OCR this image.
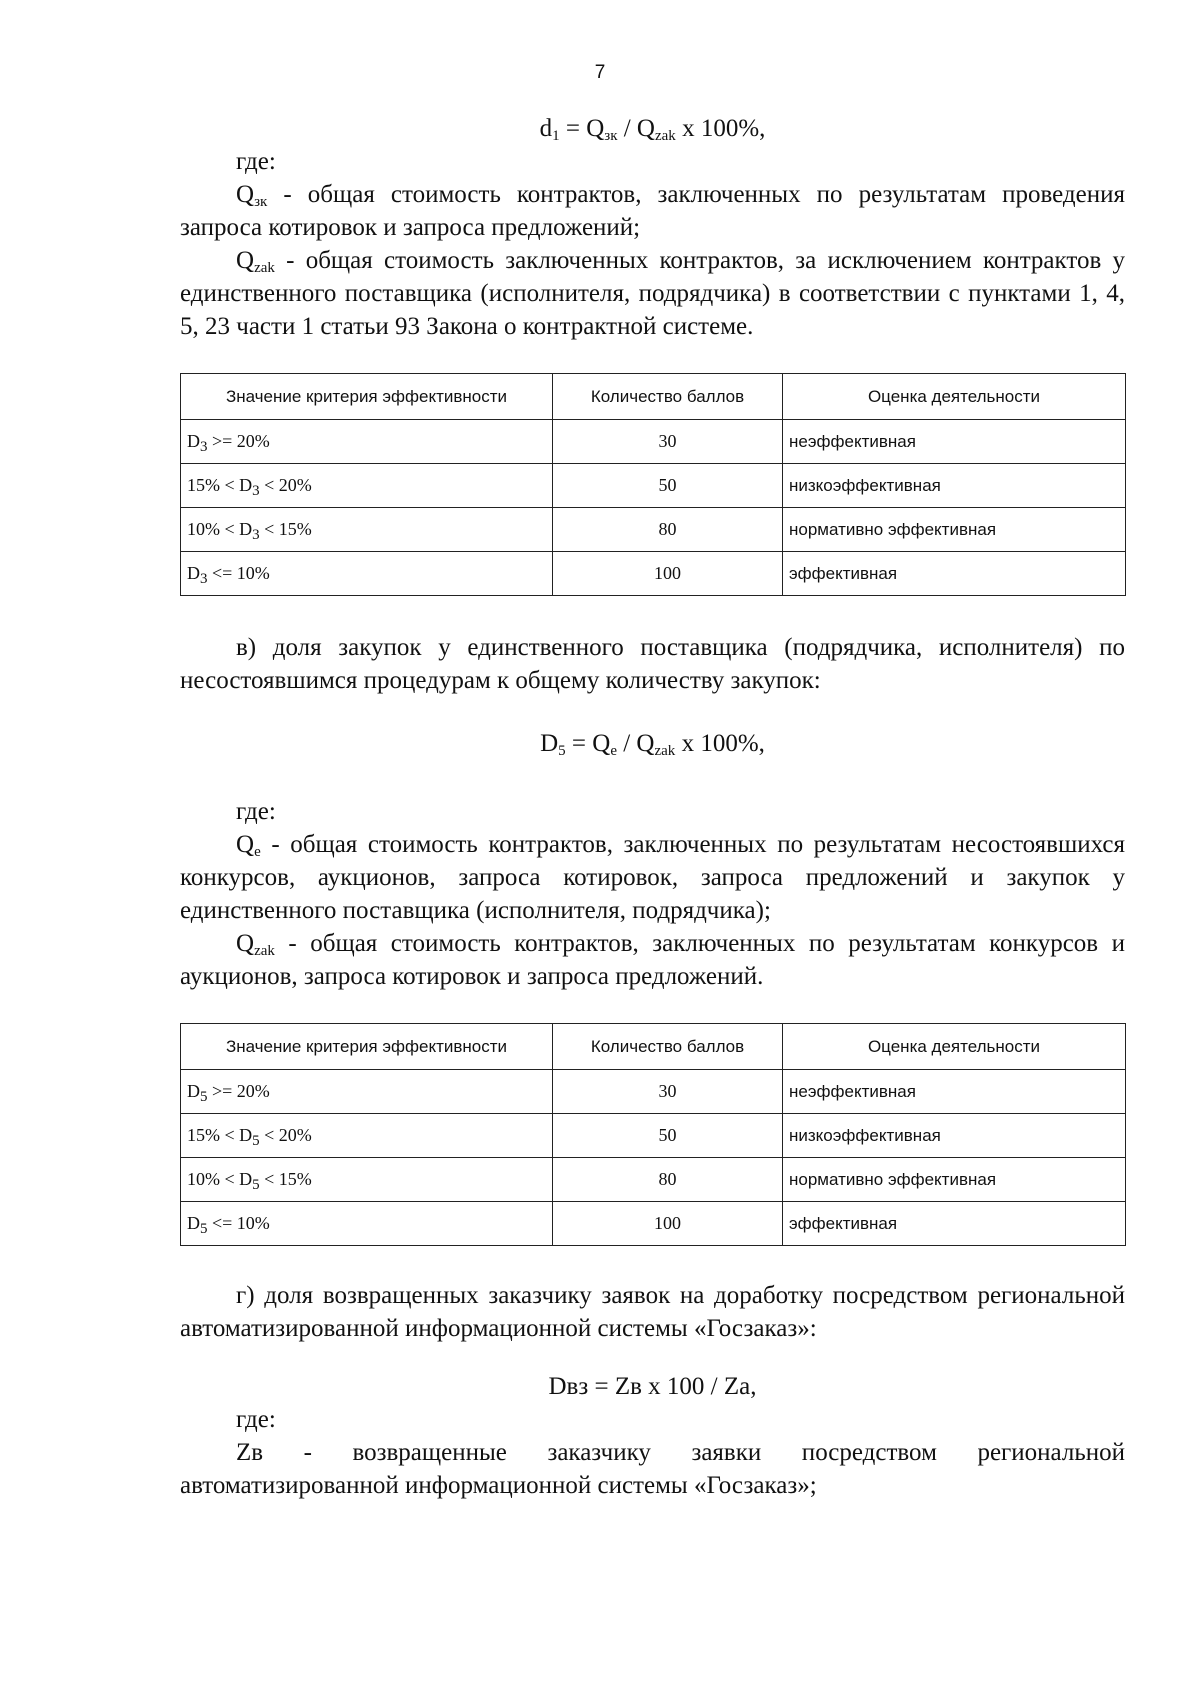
7

$d_1 = Q_{зк} / Q_{zak}$ x 100%,

где:

$Q_{зк}$ - общая стоимость контрактов, заключенных по результатам проведения запроса котировок и запроса предложений;

$Q_{zak}$ - общая стоимость заключенных контрактов, за исключением контрактов у единственного поставщика (исполнителя, подрядчика) в соответствии с пунктами 1, 4, 5, 23 части 1 статьи 93 Закона о контрактной системе.

Значение критерия эффективности	Количество баллов	Оценка деятельности
$D_3 >= 20\%$	30	неэффективная
$15\% < D_3 < 20\%$	50	низкоэффективная
$10\% < D_3 < 15\%$	80	нормативно эффективная
$D_3 <= 10\%$	100	эффективная

в) доля закупок у единственного поставщика (подрядчика, исполнителя) по несостоявшимся процедурам к общему количеству закупок:

$D_5 = Q_e / Q_{zak}$ x 100%,

где:

$Q_e$ - общая стоимость контрактов, заключенных по результатам несостоявшихся конкурсов, аукционов, запроса котировок, запроса предложений и закупок у единственного поставщика (исполнителя, подрядчика);

$Q_{zak}$ - общая стоимость контрактов, заключенных по результатам конкурсов и аукционов, запроса котировок и запроса предложений.

Значение критерия эффективности	Количество баллов	Оценка деятельности
$D_5 >= 20\%$	30	неэффективная
$15\% < D_5 < 20\%$	50	низкоэффективная
$10\% < D_5 < 15\%$	80	нормативно эффективная
$D_5 <= 10\%$	100	эффективная

г) доля возвращенных заказчику заявок на доработку посредством региональной автоматизированной информационной системы «Госзаказ»:

Dвз = Zв х 100 / Za,

где:

Zв - возвращенные заказчику заявки посредством региональной автоматизированной информационной системы «Госзаказ»;
